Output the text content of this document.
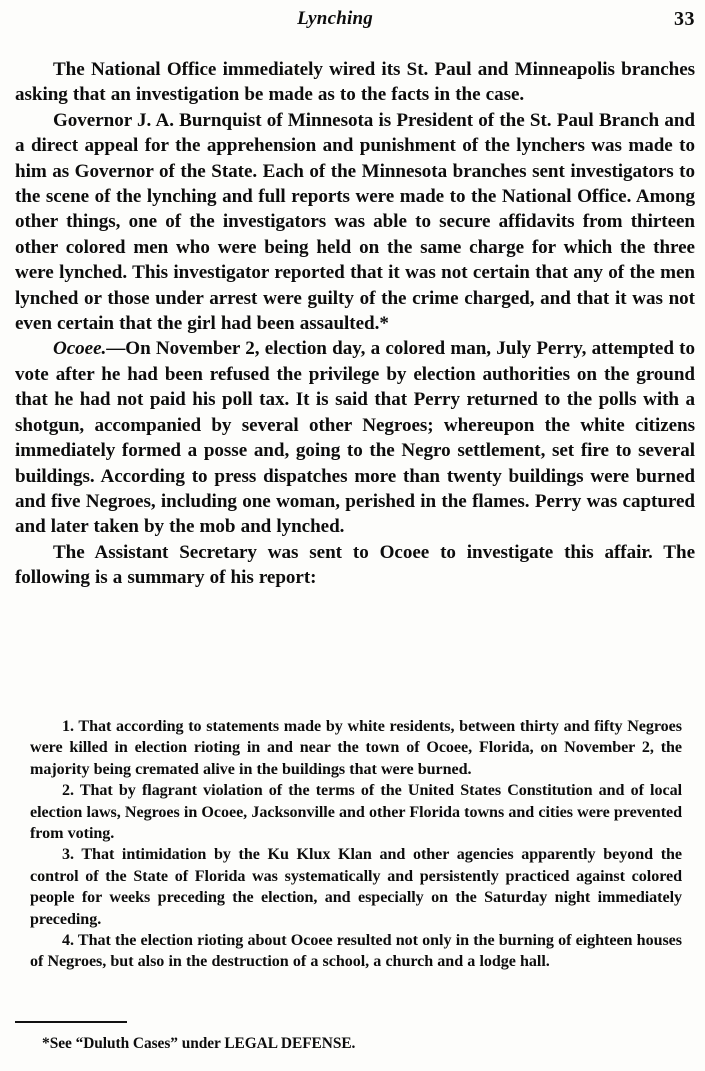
Lynching	33

The National Office immediately wired its St. Paul and Minneapolis branches asking that an investigation be made as to the facts in the case.

Governor J. A. Burnquist of Minnesota is President of the St. Paul Branch and a direct appeal for the apprehension and punishment of the lynchers was made to him as Governor of the State. Each of the Minnesota branches sent investigators to the scene of the lynching and full reports were made to the National Office. Among other things, one of the investigators was able to secure affidavits from thirteen other colored men who were being held on the same charge for which the three were lynched. This investigator reported that it was not certain that any of the men lynched or those under arrest were guilty of the crime charged, and that it was not even certain that the girl had been assaulted.*

Ocoee.—On November 2, election day, a colored man, July Perry, attempted to vote after he had been refused the privilege by election authorities on the ground that he had not paid his poll tax. It is said that Perry returned to the polls with a shotgun, accompanied by several other Negroes; whereupon the white citizens immediately formed a posse and, going to the Negro settlement, set fire to several buildings. According to press dispatches more than twenty buildings were burned and five Negroes, including one woman, perished in the flames. Perry was captured and later taken by the mob and lynched.

The Assistant Secretary was sent to Ocoee to investigate this affair. The following is a summary of his report:

1. That according to statements made by white residents, between thirty and fifty Negroes were killed in election rioting in and near the town of Ocoee, Florida, on November 2, the majority being cremated alive in the buildings that were burned.

2. That by flagrant violation of the terms of the United States Constitution and of local election laws, Negroes in Ocoee, Jacksonville and other Florida towns and cities were prevented from voting.

3. That intimidation by the Ku Klux Klan and other agencies apparently beyond the control of the State of Florida was systematically and persistently practiced against colored people for weeks preceding the election, and especially on the Saturday night immediately preceding.

4. That the election rioting about Ocoee resulted not only in the burning of eighteen houses of Negroes, but also in the destruction of a school, a church and a lodge hall.

*See “Duluth Cases” under LEGAL DEFENSE.
